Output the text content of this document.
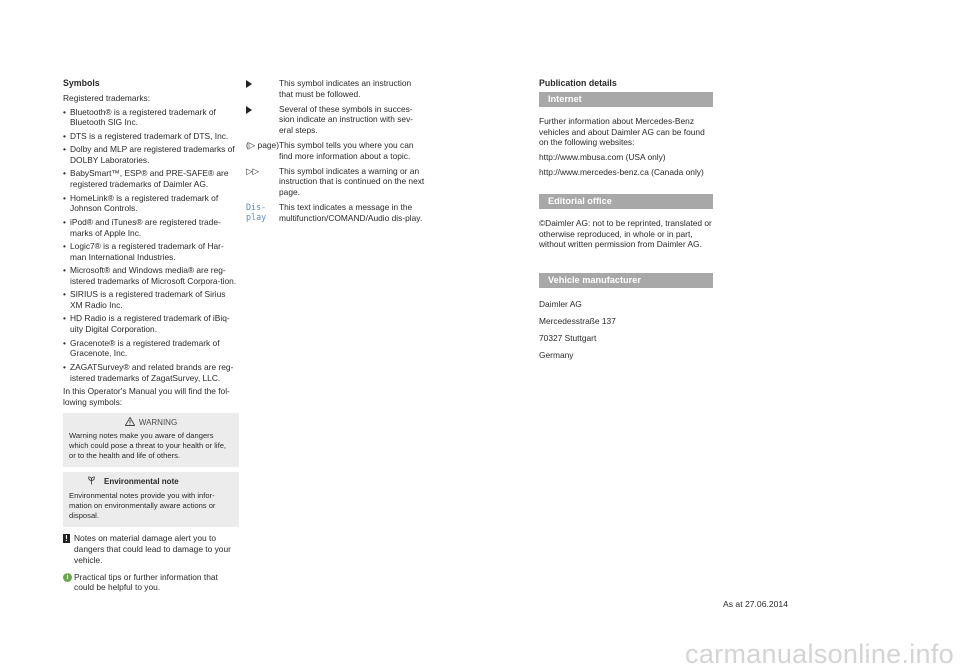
Symbols
Registered trademarks:
• Bluetooth® is a registered trademark of Bluetooth SIG Inc.
• DTS is a registered trademark of DTS, Inc.
• Dolby and MLP are registered trademarks of DOLBY Laboratories.
• BabySmart™, ESP® and PRE-SAFE® are registered trademarks of Daimler AG.
• HomeLink® is a registered trademark of Johnson Controls.
• iPod® and iTunes® are registered trade-marks of Apple Inc.
• Logic7® is a registered trademark of Har-man International Industries.
• Microsoft® and Windows media® are reg-istered trademarks of Microsoft Corpora-tion.
• SIRIUS is a registered trademark of Sirius XM Radio Inc.
• HD Radio is a registered trademark of iBiq-uity Digital Corporation.
• Gracenote® is a registered trademark of Gracenote, Inc.
• ZAGATSurvey® and related brands are reg-istered trademarks of ZagatSurvey, LLC.
In this Operator's Manual you will find the fol-lowing symbols:
WARNING

Warning notes make you aware of dangers which could pose a threat to your health or life, or to the health and life of others.

Environmental note

Environmental notes provide you with infor-mation on environmentally aware actions or disposal.

! Notes on material damage alert you to dangers that could lead to damage to your vehicle.
i Practical tips or further information that could be helpful to you.
This symbol indicates an instruction that must be followed.
Several of these symbols in succes-sion indicate an instruction with sev-eral steps.
(▷ page) This symbol tells you where you can find more information about a topic.
▷▷	This symbol indicates a warning or an instruction that is continued on the next page.
Dis-play
This text indicates a message in the multifunction/COMAND/Audio dis-play.
Publication details
Internet

Further information about Mercedes-Benz vehicles and about Daimler AG can be found on the following websites:

http://www.mbusa.com (USA only)

http://www.mercedes-benz.ca (Canada only)

Editorial office

©Daimler AG: not to be reprinted, translated or otherwise reproduced, in whole or in part, without written permission from Daimler AG.

Vehicle manufacturer

Daimler AG

Mercedesstraße 137

70327 Stuttgart

Germany

As at 27.06.2014
carmanualsonline.info
